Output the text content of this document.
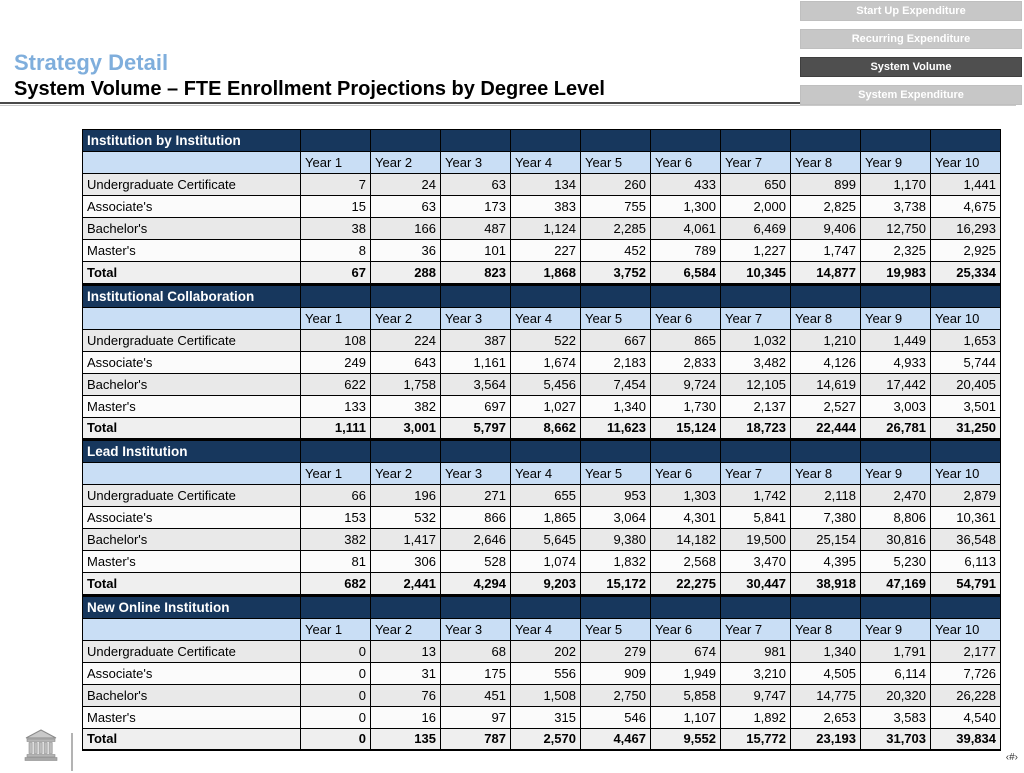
Strategy Detail
System Volume – FTE Enrollment Projections by Degree Level
Start Up Expenditure
Recurring Expenditure
System Volume
System Expenditure
Institution by Institution										
	Year 1	Year 2	Year 3	Year 4	Year 5	Year 6	Year 7	Year 8	Year 9	Year 10
Undergraduate Certificate	7	24	63	134	260	433	650	899	1,170	1,441
Associate's	15	63	173	383	755	1,300	2,000	2,825	3,738	4,675
Bachelor's	38	166	487	1,124	2,285	4,061	6,469	9,406	12,750	16,293
Master's	8	36	101	227	452	789	1,227	1,747	2,325	2,925
Total	67	288	823	1,868	3,752	6,584	10,345	14,877	19,983	25,334
Institutional Collaboration										
	Year 1	Year 2	Year 3	Year 4	Year 5	Year 6	Year 7	Year 8	Year 9	Year 10
Undergraduate Certificate	108	224	387	522	667	865	1,032	1,210	1,449	1,653
Associate's	249	643	1,161	1,674	2,183	2,833	3,482	4,126	4,933	5,744
Bachelor's	622	1,758	3,564	5,456	7,454	9,724	12,105	14,619	17,442	20,405
Master's	133	382	697	1,027	1,340	1,730	2,137	2,527	3,003	3,501
Total	1,111	3,001	5,797	8,662	11,623	15,124	18,723	22,444	26,781	31,250
Lead Institution										
	Year 1	Year 2	Year 3	Year 4	Year 5	Year 6	Year 7	Year 8	Year 9	Year 10
Undergraduate Certificate	66	196	271	655	953	1,303	1,742	2,118	2,470	2,879
Associate's	153	532	866	1,865	3,064	4,301	5,841	7,380	8,806	10,361
Bachelor's	382	1,417	2,646	5,645	9,380	14,182	19,500	25,154	30,816	36,548
Master's	81	306	528	1,074	1,832	2,568	3,470	4,395	5,230	6,113
Total	682	2,441	4,294	9,203	15,172	22,275	30,447	38,918	47,169	54,791
New Online Institution										
	Year 1	Year 2	Year 3	Year 4	Year 5	Year 6	Year 7	Year 8	Year 9	Year 10
Undergraduate Certificate	0	13	68	202	279	674	981	1,340	1,791	2,177
Associate's	0	31	175	556	909	1,949	3,210	4,505	6,114	7,726
Bachelor's	0	76	451	1,508	2,750	5,858	9,747	14,775	20,320	26,228
Master's	0	16	97	315	546	1,107	1,892	2,653	3,583	4,540
Total	0	135	787	2,570	4,467	9,552	15,772	23,193	31,703	39,834
‹#›
